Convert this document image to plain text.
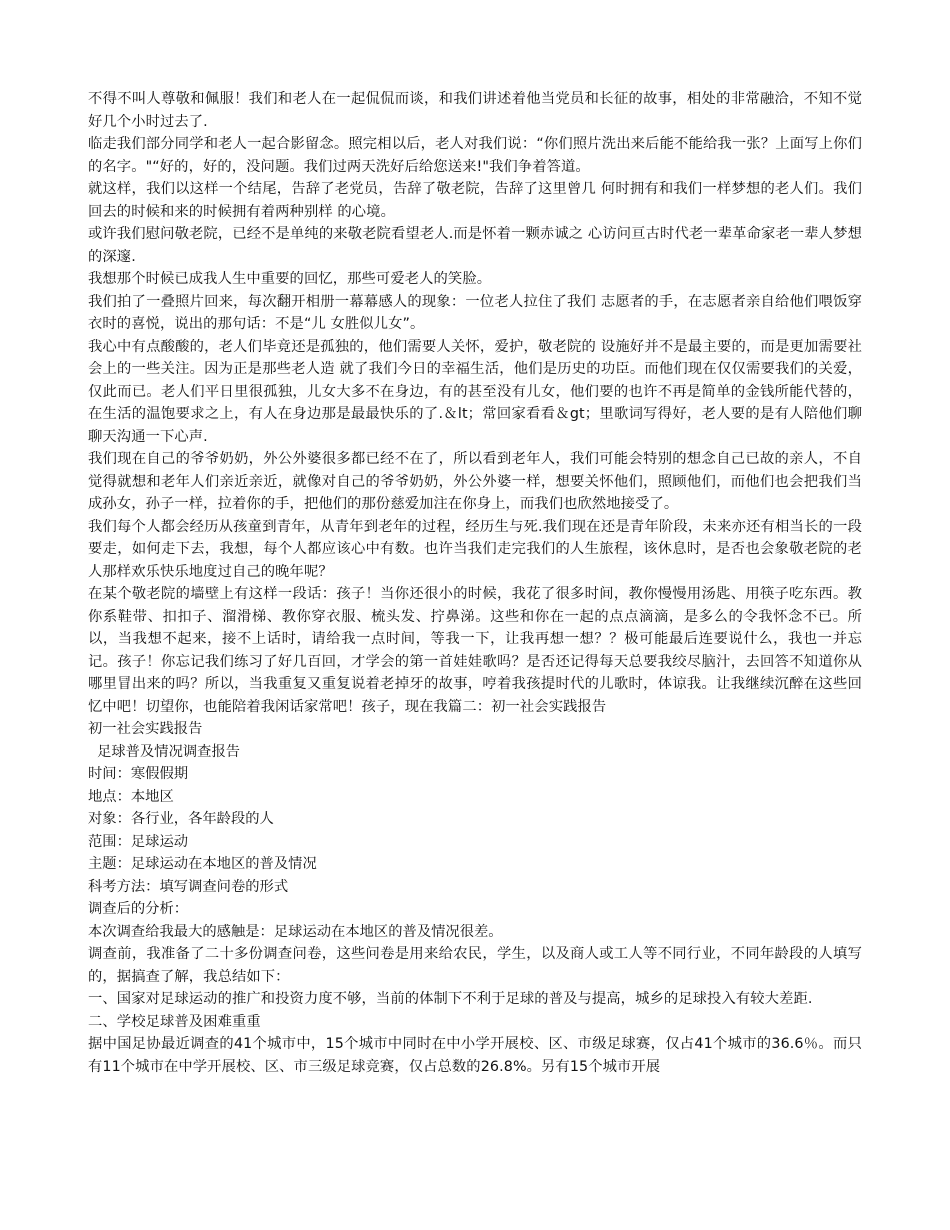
不得不叫人尊敬和佩服！我们和老人在一起侃侃而谈，和我们讲述着他当党员和长征的故事，相处的非常融洽，不知不觉好几个小时过去了.

临走我们部分同学和老人一起合影留念。照完相以后，老人对我们说：“你们照片洗出来后能不能给我一张？上面写上你们的名字。"“好的，好的，没问题。我们过两天洗好后给您送来!"我们争着答道。

就这样，我们以这样一个结尾，告辞了老党员，告辞了敬老院，告辞了这里曾几 何时拥有和我们一样梦想的老人们。我们回去的时候和来的时候拥有着两种别样 的心境。

或许我们慰问敬老院，已经不是单纯的来敬老院看望老人.而是怀着一颗赤诚之 心访问亘古时代老一辈革命家老一辈人梦想的深邃.

我想那个时候已成我人生中重要的回忆，那些可爱老人的笑脸。

我们拍了一叠照片回来，每次翻开相册一幕幕感人的现象：一位老人拉住了我们 志愿者的手，在志愿者亲自给他们喂饭穿衣时的喜悦，说出的那句话：不是“儿 女胜似儿女”。

我心中有点酸酸的，老人们毕竟还是孤独的，他们需要人关怀，爱护，敬老院的 设施好并不是最主要的，而是更加需要社会上的一些关注。因为正是那些老人造 就了我们今日的幸福生活，他们是历史的功臣。而他们现在仅仅需要我们的关爱，仅此而已。老人们平日里很孤独，儿女大多不在身边，有的甚至没有儿女，他们要的也许不再是简单的金钱所能代替的，在生活的温饱要求之上，有人在身边那是最最快乐的了.＆lt；常回家看看＆gt；里歌词写得好，老人要的是有人陪他们聊聊天沟通一下心声.

我们现在自己的爷爷奶奶，外公外婆很多都已经不在了，所以看到老年人，我们可能会特别的想念自己已故的亲人，不自觉得就想和老年人们亲近亲近，就像对自己的爷爷奶奶，外公外婆一样，想要关怀他们，照顾他们，而他们也会把我们当成孙女，孙子一样，拉着你的手，把他们的那份慈爱加注在你身上，而我们也欣然地接受了。

我们每个人都会经历从孩童到青年，从青年到老年的过程，经历生与死.我们现在还是青年阶段，未来亦还有相当长的一段要走，如何走下去，我想，每个人都应该心中有数。也许当我们走完我们的人生旅程，该休息时，是否也会象敬老院的老人那样欢乐快乐地度过自己的晚年呢？

在某个敬老院的墙壁上有这样一段话：孩子！当你还很小的时候，我花了很多时间，教你慢慢用汤匙、用筷子吃东西。教你系鞋带、扣扣子、溜滑梯、教你穿衣服、梳头发、拧鼻涕。这些和你在一起的点点滴滴，是多么的令我怀念不已。所以，当我想不起来，接不上话时，请给我一点时间，等我一下，让我再想一想？？极可能最后连要说什么，我也一并忘记。孩子！你忘记我们练习了好几百回，才学会的第一首娃娃歌吗？是否还记得每天总要我绞尽脑汁，去回答不知道你从哪里冒出来的吗？所以，当我重复又重复说着老掉牙的故事，哼着我孩提时代的儿歌时，体谅我。让我继续沉醉在这些回忆中吧！切望你，也能陪着我闲话家常吧！孩子，现在我篇二：初一社会实践报告

初一社会实践报告

足球普及情况调查报告

时间：寒假假期

地点：本地区

对象：各行业，各年龄段的人

范围：足球运动

主题：足球运动在本地区的普及情况

科考方法：填写调查问卷的形式

调查后的分析：

本次调查给我最大的感触是：足球运动在本地区的普及情况很差。

调查前，我准备了二十多份调查问卷，这些问卷是用来给农民，学生，以及商人或工人等不同行业，不同年龄段的人填写的，据搞查了解，我总结如下：

一、国家对足球运动的推广和投资力度不够，当前的体制下不利于足球的普及与提高，城乡的足球投入有较大差距.

二、学校足球普及困难重重

据中国足协最近调查的41个城市中，15个城市中同时在中小学开展校、区、市级足球赛，仅占41个城市的36.6％。而只有11个城市在中学开展校、区、市三级足球竞赛，仅占总数的26.8%。另有15个城市开展
